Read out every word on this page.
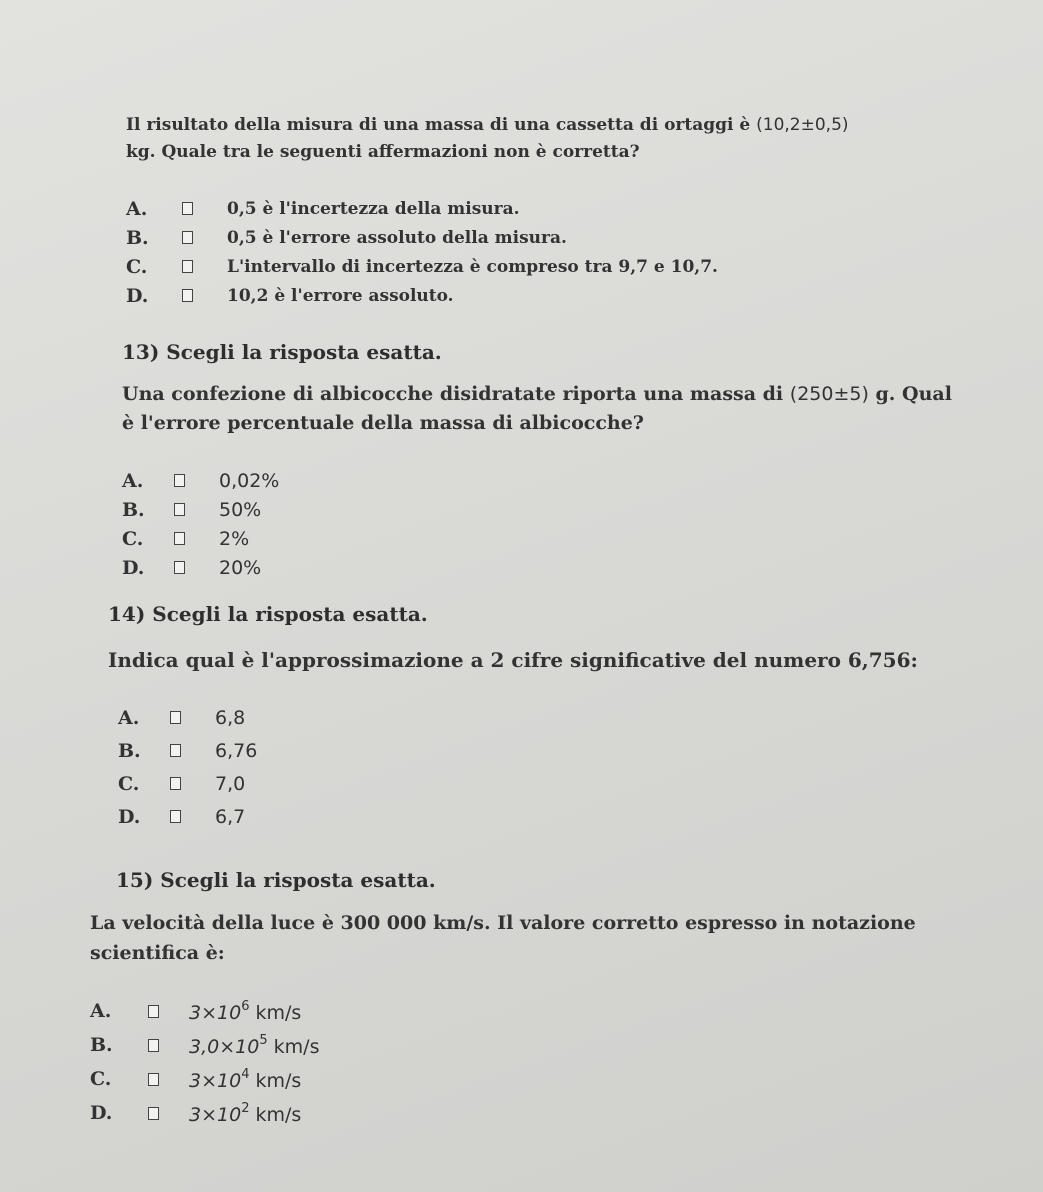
Il risultato della misura di una massa di una cassetta di ortaggi è (10,2±0,5)

kg. Quale tra le seguenti affermazioni non è corretta?

A.	0,5 è l'incertezza della misura.
B.	0,5 è l'errore assoluto della misura.
C.	L'intervallo di incertezza è compreso tra 9,7 e 10,7.
D.	10,2 è l'errore assoluto.

13) Scegli la risposta esatta.

Una confezione di albicocche disidratate riporta una massa di (250±5) g. Qual

è l'errore percentuale della massa di albicocche?

A.	0,02%
B.	50%
C.	2%
D.	20%

14) Scegli la risposta esatta.

Indica qual è l'approssimazione a 2 cifre significative del numero 6,756:

A.	6,8
B.	6,76
C.	7,0
D.	6,7

15) Scegli la risposta esatta.

La velocità della luce è 300 000 km/s. Il valore corretto espresso in notazione

scientifica è:

A.	$3\times 10^6$ km/s
B.	$3,0\times 10^5$ km/s
C.	$3\times 10^4$ km/s
D.	$3\times 10^2$ km/s
